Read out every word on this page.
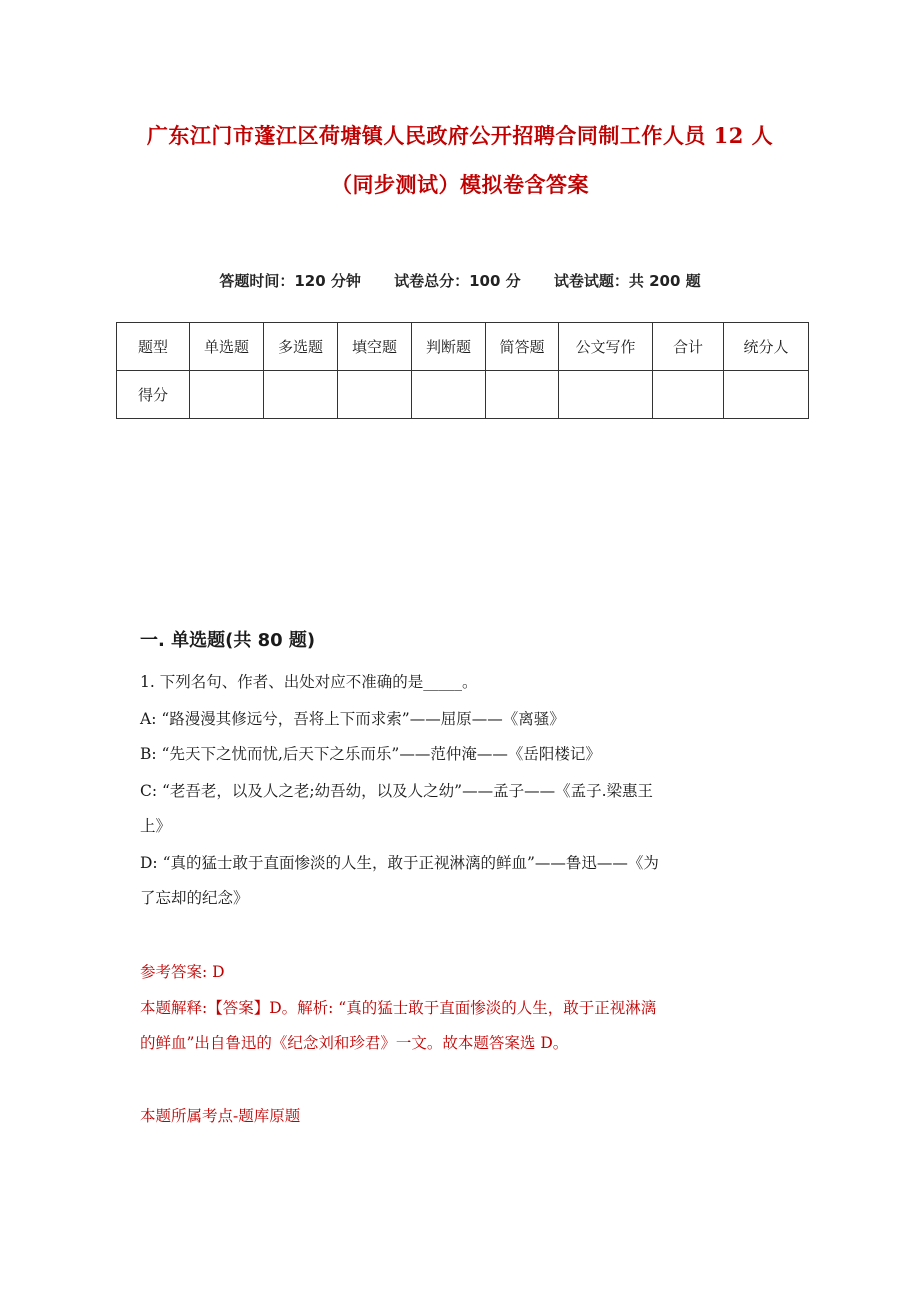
广东江门市蓬江区荷塘镇人民政府公开招聘合同制工作人员 12 人
（同步测试）模拟卷含答案
答题时间：120 分钟 试卷总分：100 分 试卷试题：共 200 题
题型	单选题	多选题	填空题	判断题	简答题	公文写作	合计	统分人
得分								
一. 单选题(共 80 题)
1. 下列名句、作者、出处对应不准确的是_____。
A: “路漫漫其修远兮，吾将上下而求索”——屈原——《离骚》
B: “先天下之忧而忧,后天下之乐而乐”——范仲淹——《岳阳楼记》
C: “老吾老，以及人之老;幼吾幼，以及人之幼”——孟子——《孟子.梁惠王
上》
D: “真的猛士敢于直面惨淡的人生，敢于正视淋漓的鲜血”——鲁迅——《为
了忘却的纪念》
参考答案: D
本题解释:【答案】D。解析: “真的猛士敢于直面惨淡的人生，敢于正视淋漓
的鲜血”出自鲁迅的《纪念刘和珍君》一文。故本题答案选 D。
本题所属考点-题库原题
